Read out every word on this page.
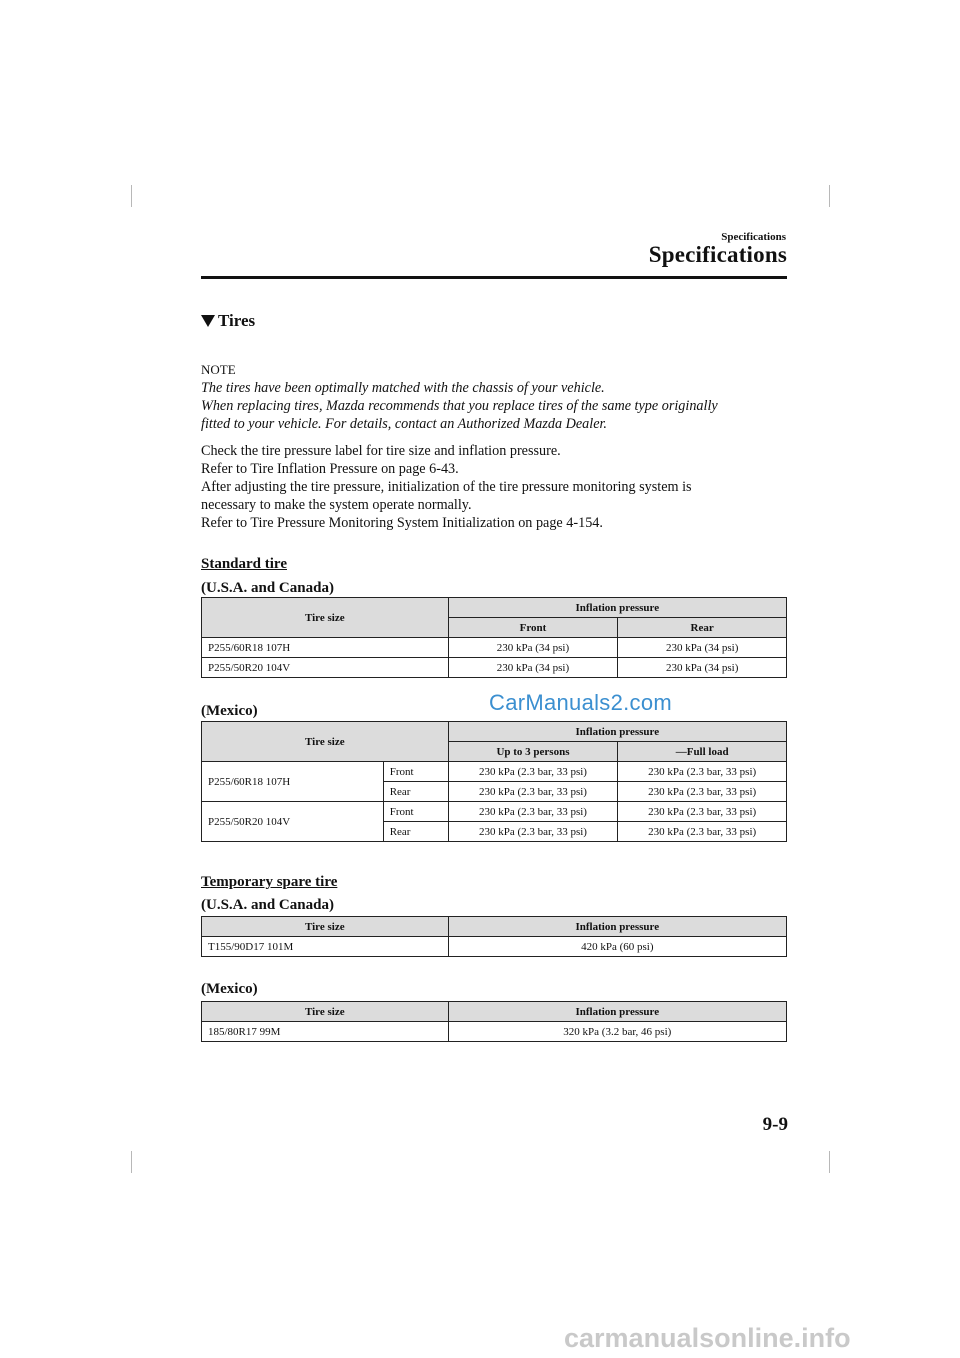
Specifications
Specifications
Tires
NOTE
The tires have been optimally matched with the chassis of your vehicle.
When replacing tires, Mazda recommends that you replace tires of the same type originally
fitted to your vehicle. For details, contact an Authorized Mazda Dealer.
Check the tire pressure label for tire size and inflation pressure.
Refer to Tire Inflation Pressure on page 6-43.
After adjusting the tire pressure, initialization of the tire pressure monitoring system is
necessary to make the system operate normally.
Refer to Tire Pressure Monitoring System Initialization on page 4-154.
Standard tire
(U.S.A. and Canada)
Tire size	Inflation pressure	
	Front	Rear
P255/60R18 107H	230 kPa (34 psi)	230 kPa (34 psi)
P255/50R20 104V	230 kPa (34 psi)	230 kPa (34 psi)
(Mexico)
Tire size		Inflation pressure	
		Up to 3 persons	—Full load
P255/60R18 107H	Front	230 kPa (2.3 bar, 33 psi)	230 kPa (2.3 bar, 33 psi)
	Rear	230 kPa (2.3 bar, 33 psi)	230 kPa (2.3 bar, 33 psi)
P255/50R20 104V	Front	230 kPa (2.3 bar, 33 psi)	230 kPa (2.3 bar, 33 psi)
	Rear	230 kPa (2.3 bar, 33 psi)	230 kPa (2.3 bar, 33 psi)
CarManuals2.com
Temporary spare tire
(U.S.A. and Canada)
Tire size	Inflation pressure
T155/90D17 101M	420 kPa (60 psi)
(Mexico)
Tire size	Inflation pressure
185/80R17 99M	320 kPa (3.2 bar, 46 psi)
9-9
carmanualsonline.info
